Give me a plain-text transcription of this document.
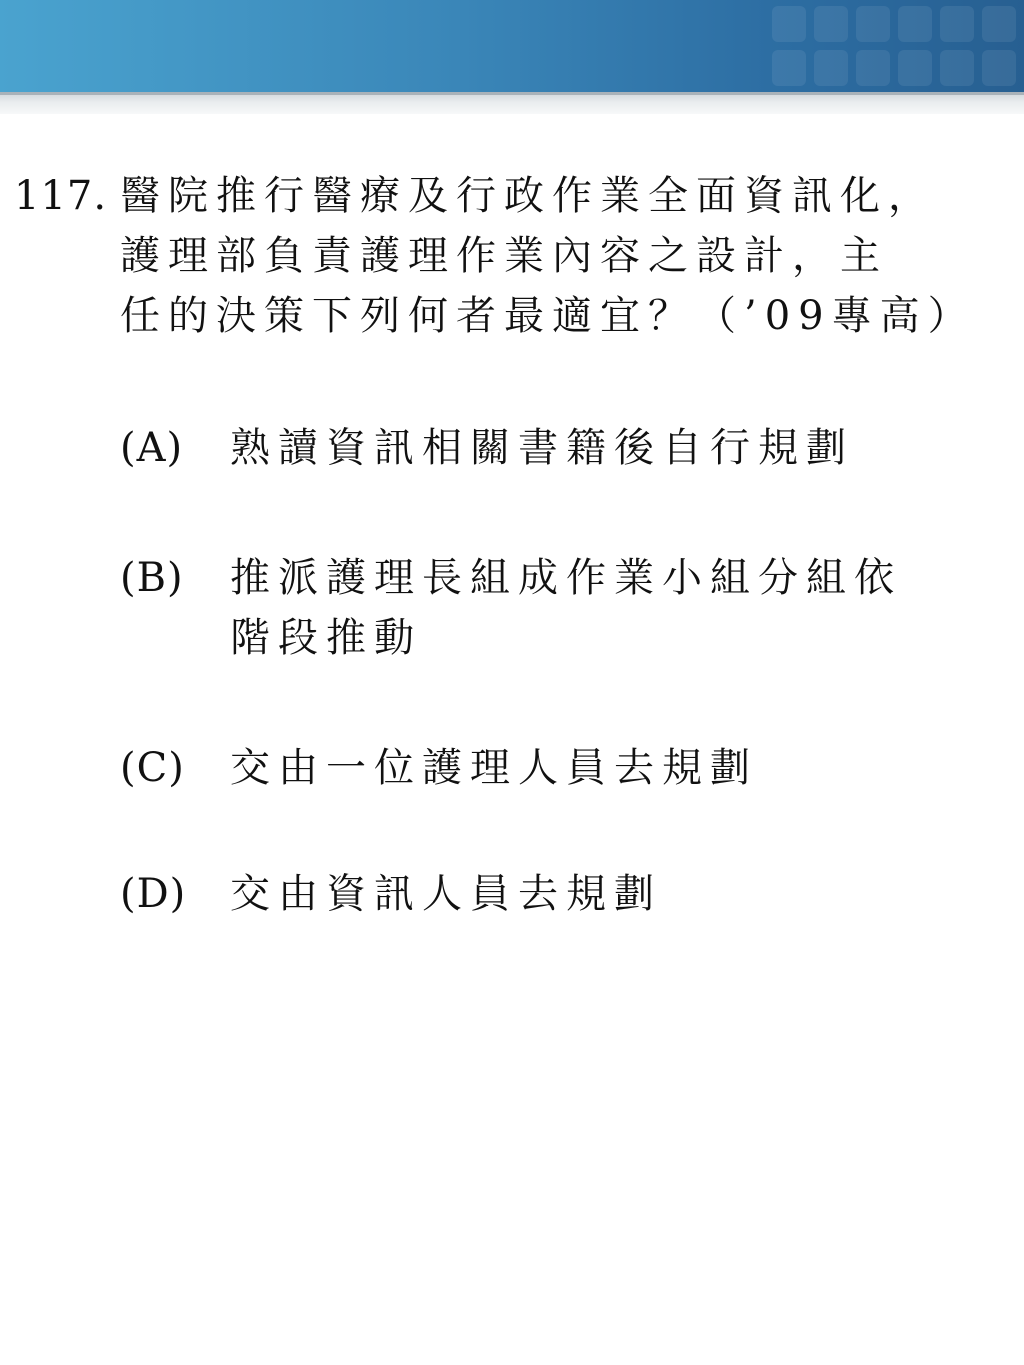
117. 醫院推行醫療及行政作業全面資訊化，
護理部負責護理作業內容之設計，主
任的決策下列何者最適宜？（’09專高）
(A) 熟讀資訊相關書籍後自行規劃
(B) 推派護理長組成作業小組分組依
階段推動
(C) 交由一位護理人員去規劃
(D) 交由資訊人員去規劃
